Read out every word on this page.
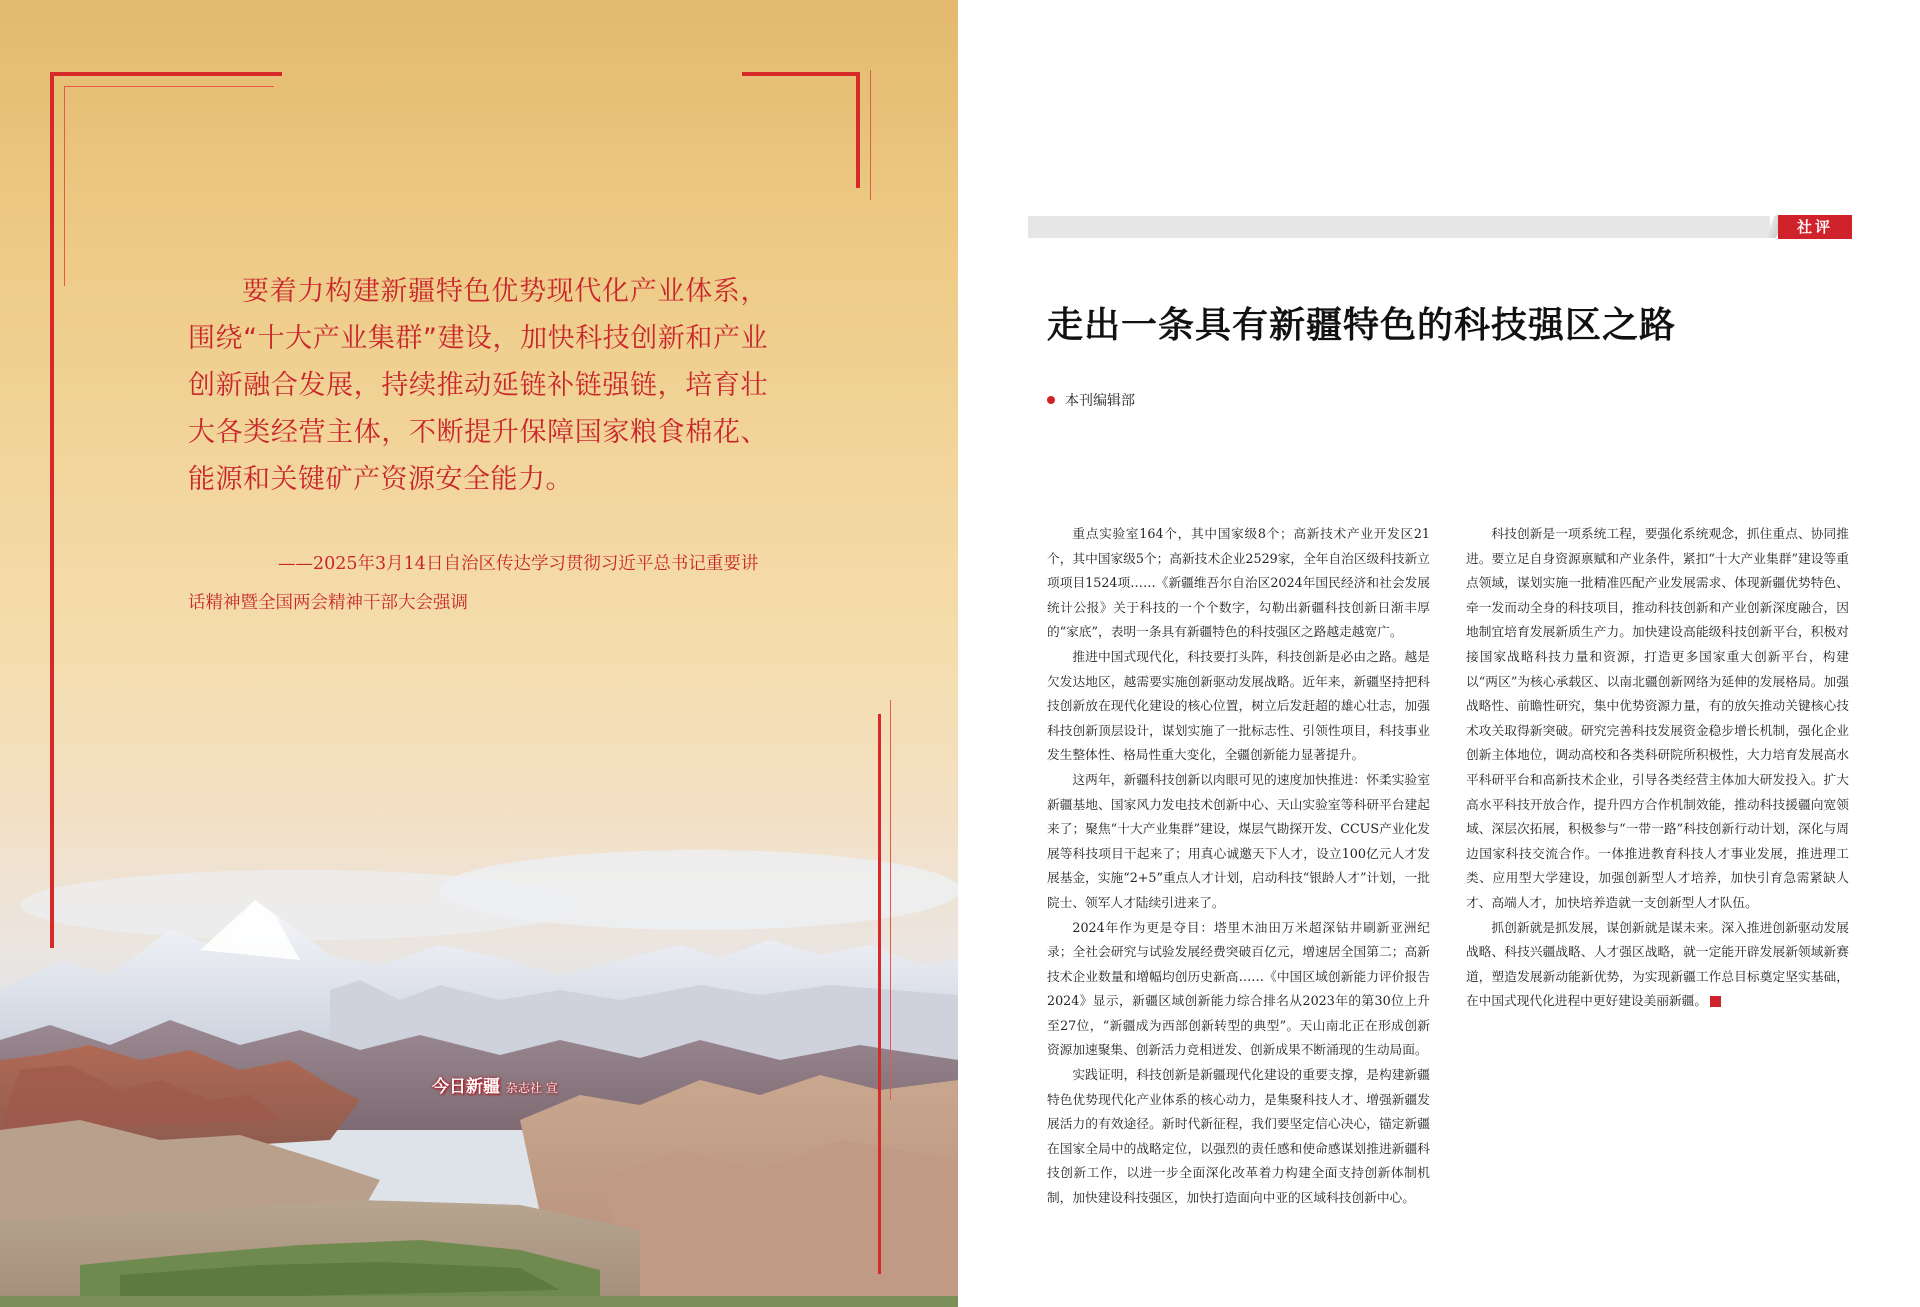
要着力构建新疆特色优势现代化产业体系，围绕“十大产业集群”建设，加快科技创新和产业创新融合发展，持续推动延链补链强链，培育壮大各类经营主体，不断提升保障国家粮食棉花、能源和关键矿产资源安全能力。

——2025年3月14日自治区传达学习贯彻习近平总书记重要讲话精神暨全国两会精神干部大会强调

今日新疆 杂志社 宣
社评
走出一条具有新疆特色的科技强区之路
本刊编辑部

重点实验室164个，其中国家级8个；高新技术产业开发区21个，其中国家级5个；高新技术企业2529家，全年自治区级科技新立项项目1524项……《新疆维吾尔自治区2024年国民经济和社会发展统计公报》关于科技的一个个数字，勾勒出新疆科技创新日渐丰厚的“家底”，表明一条具有新疆特色的科技强区之路越走越宽广。

推进中国式现代化，科技要打头阵，科技创新是必由之路。越是欠发达地区，越需要实施创新驱动发展战略。近年来，新疆坚持把科技创新放在现代化建设的核心位置，树立后发赶超的雄心壮志，加强科技创新顶层设计，谋划实施了一批标志性、引领性项目，科技事业发生整体性、格局性重大变化，全疆创新能力显著提升。

这两年，新疆科技创新以肉眼可见的速度加快推进：怀柔实验室新疆基地、国家风力发电技术创新中心、天山实验室等科研平台建起来了；聚焦“十大产业集群”建设，煤层气勘探开发、CCUS产业化发展等科技项目干起来了；用真心诚邀天下人才，设立100亿元人才发展基金，实施“2+5”重点人才计划，启动科技“银龄人才”计划，一批院士、领军人才陆续引进来了。

2024年作为更是夺目：塔里木油田万米超深钻井刷新亚洲纪录；全社会研究与试验发展经费突破百亿元，增速居全国第二；高新技术企业数量和增幅均创历史新高……《中国区域创新能力评价报告2024》显示，新疆区域创新能力综合排名从2023年的第30位上升至27位，“新疆成为西部创新转型的典型”。天山南北正在形成创新资源加速聚集、创新活力竞相迸发、创新成果不断涌现的生动局面。

实践证明，科技创新是新疆现代化建设的重要支撑，是构建新疆特色优势现代化产业体系的核心动力，是集聚科技人才、增强新疆发展活力的有效途径。新时代新征程，我们要坚定信心决心，锚定新疆在国家全局中的战略定位，以强烈的责任感和使命感谋划推进新疆科技创新工作，以进一步全面深化改革着力构建全面支持创新体制机制，加快建设科技强区，加快打造面向中亚的区域科技创新中心。

科技创新是一项系统工程，要强化系统观念，抓住重点、协同推进。要立足自身资源禀赋和产业条件，紧扣“十大产业集群”建设等重点领域，谋划实施一批精准匹配产业发展需求、体现新疆优势特色、牵一发而动全身的科技项目，推动科技创新和产业创新深度融合，因地制宜培育发展新质生产力。加快建设高能级科技创新平台，积极对接国家战略科技力量和资源，打造更多国家重大创新平台，构建以“两区”为核心承载区、以南北疆创新网络为延伸的发展格局。加强战略性、前瞻性研究，集中优势资源力量，有的放矢推动关键核心技术攻关取得新突破。研究完善科技发展资金稳步增长机制，强化企业创新主体地位，调动高校和各类科研院所积极性，大力培育发展高水平科研平台和高新技术企业，引导各类经营主体加大研发投入。扩大高水平科技开放合作，提升四方合作机制效能，推动科技援疆向宽领域、深层次拓展，积极参与“一带一路”科技创新行动计划，深化与周边国家科技交流合作。一体推进教育科技人才事业发展，推进理工类、应用型大学建设，加强创新型人才培养，加快引育急需紧缺人才、高端人才，加快培养造就一支创新型人才队伍。

抓创新就是抓发展，谋创新就是谋未来。深入推进创新驱动发展战略、科技兴疆战略、人才强区战略，就一定能开辟发展新领域新赛道，塑造发展新动能新优势，为实现新疆工作总目标奠定坚实基础，在中国式现代化进程中更好建设美丽新疆。	J
